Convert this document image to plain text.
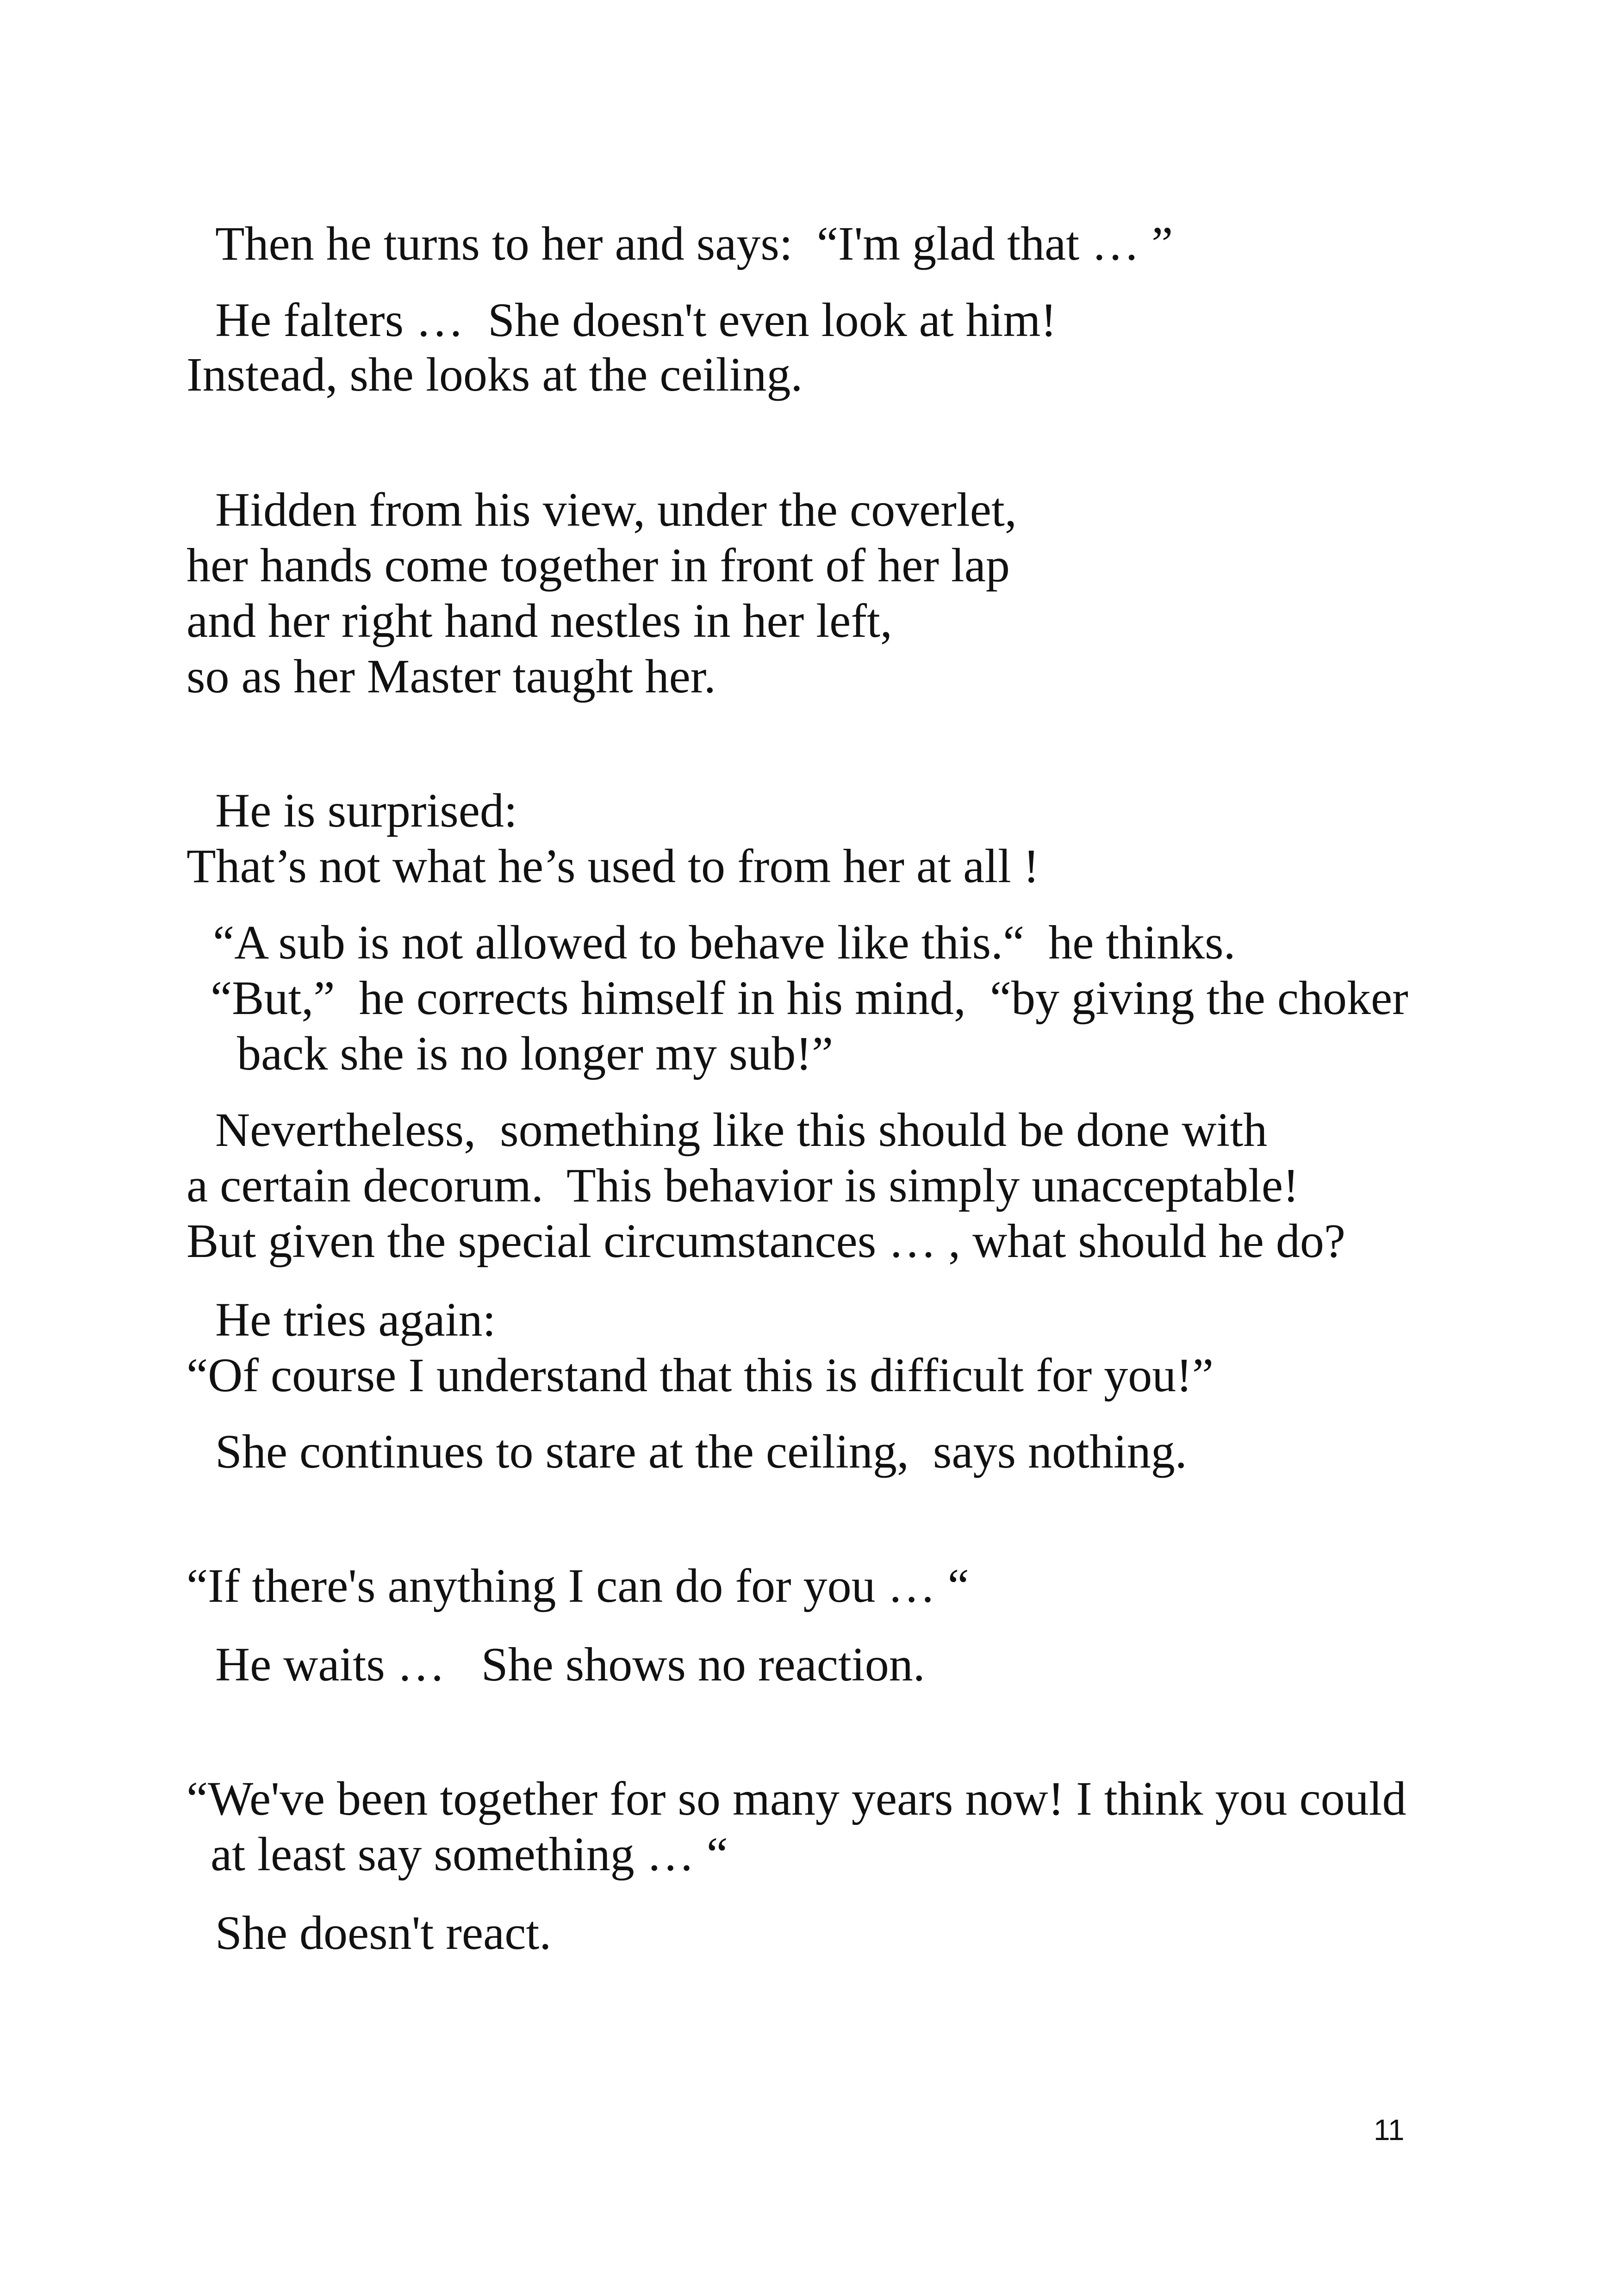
Then he turns to her and says:  “I'm glad that … ”

He falters …  She doesn't even look at him!

Instead, she looks at the ceiling.

Hidden from his view, under the coverlet,

her hands come together in front of her lap

and her right hand nestles in her left,

so as her Master taught her.

He is surprised:

That’s not what he’s used to from her at all !

“A sub is not allowed to behave like this.“  he thinks.

“But,”  he corrects himself in his mind,  “by giving the choker

back she is no longer my sub!”

Nevertheless,  something like this should be done with

a certain decorum.  This behavior is simply unacceptable!

But given the special circumstances … , what should he do?

He tries again:

“Of course I understand that this is difficult for you!”

She continues to stare at the ceiling,  says nothing.

“If there's anything I can do for you … “

He waits …   She shows no reaction.

“We've been together for so many years now! I think you could

at least say something … “

She doesn't react.

11
